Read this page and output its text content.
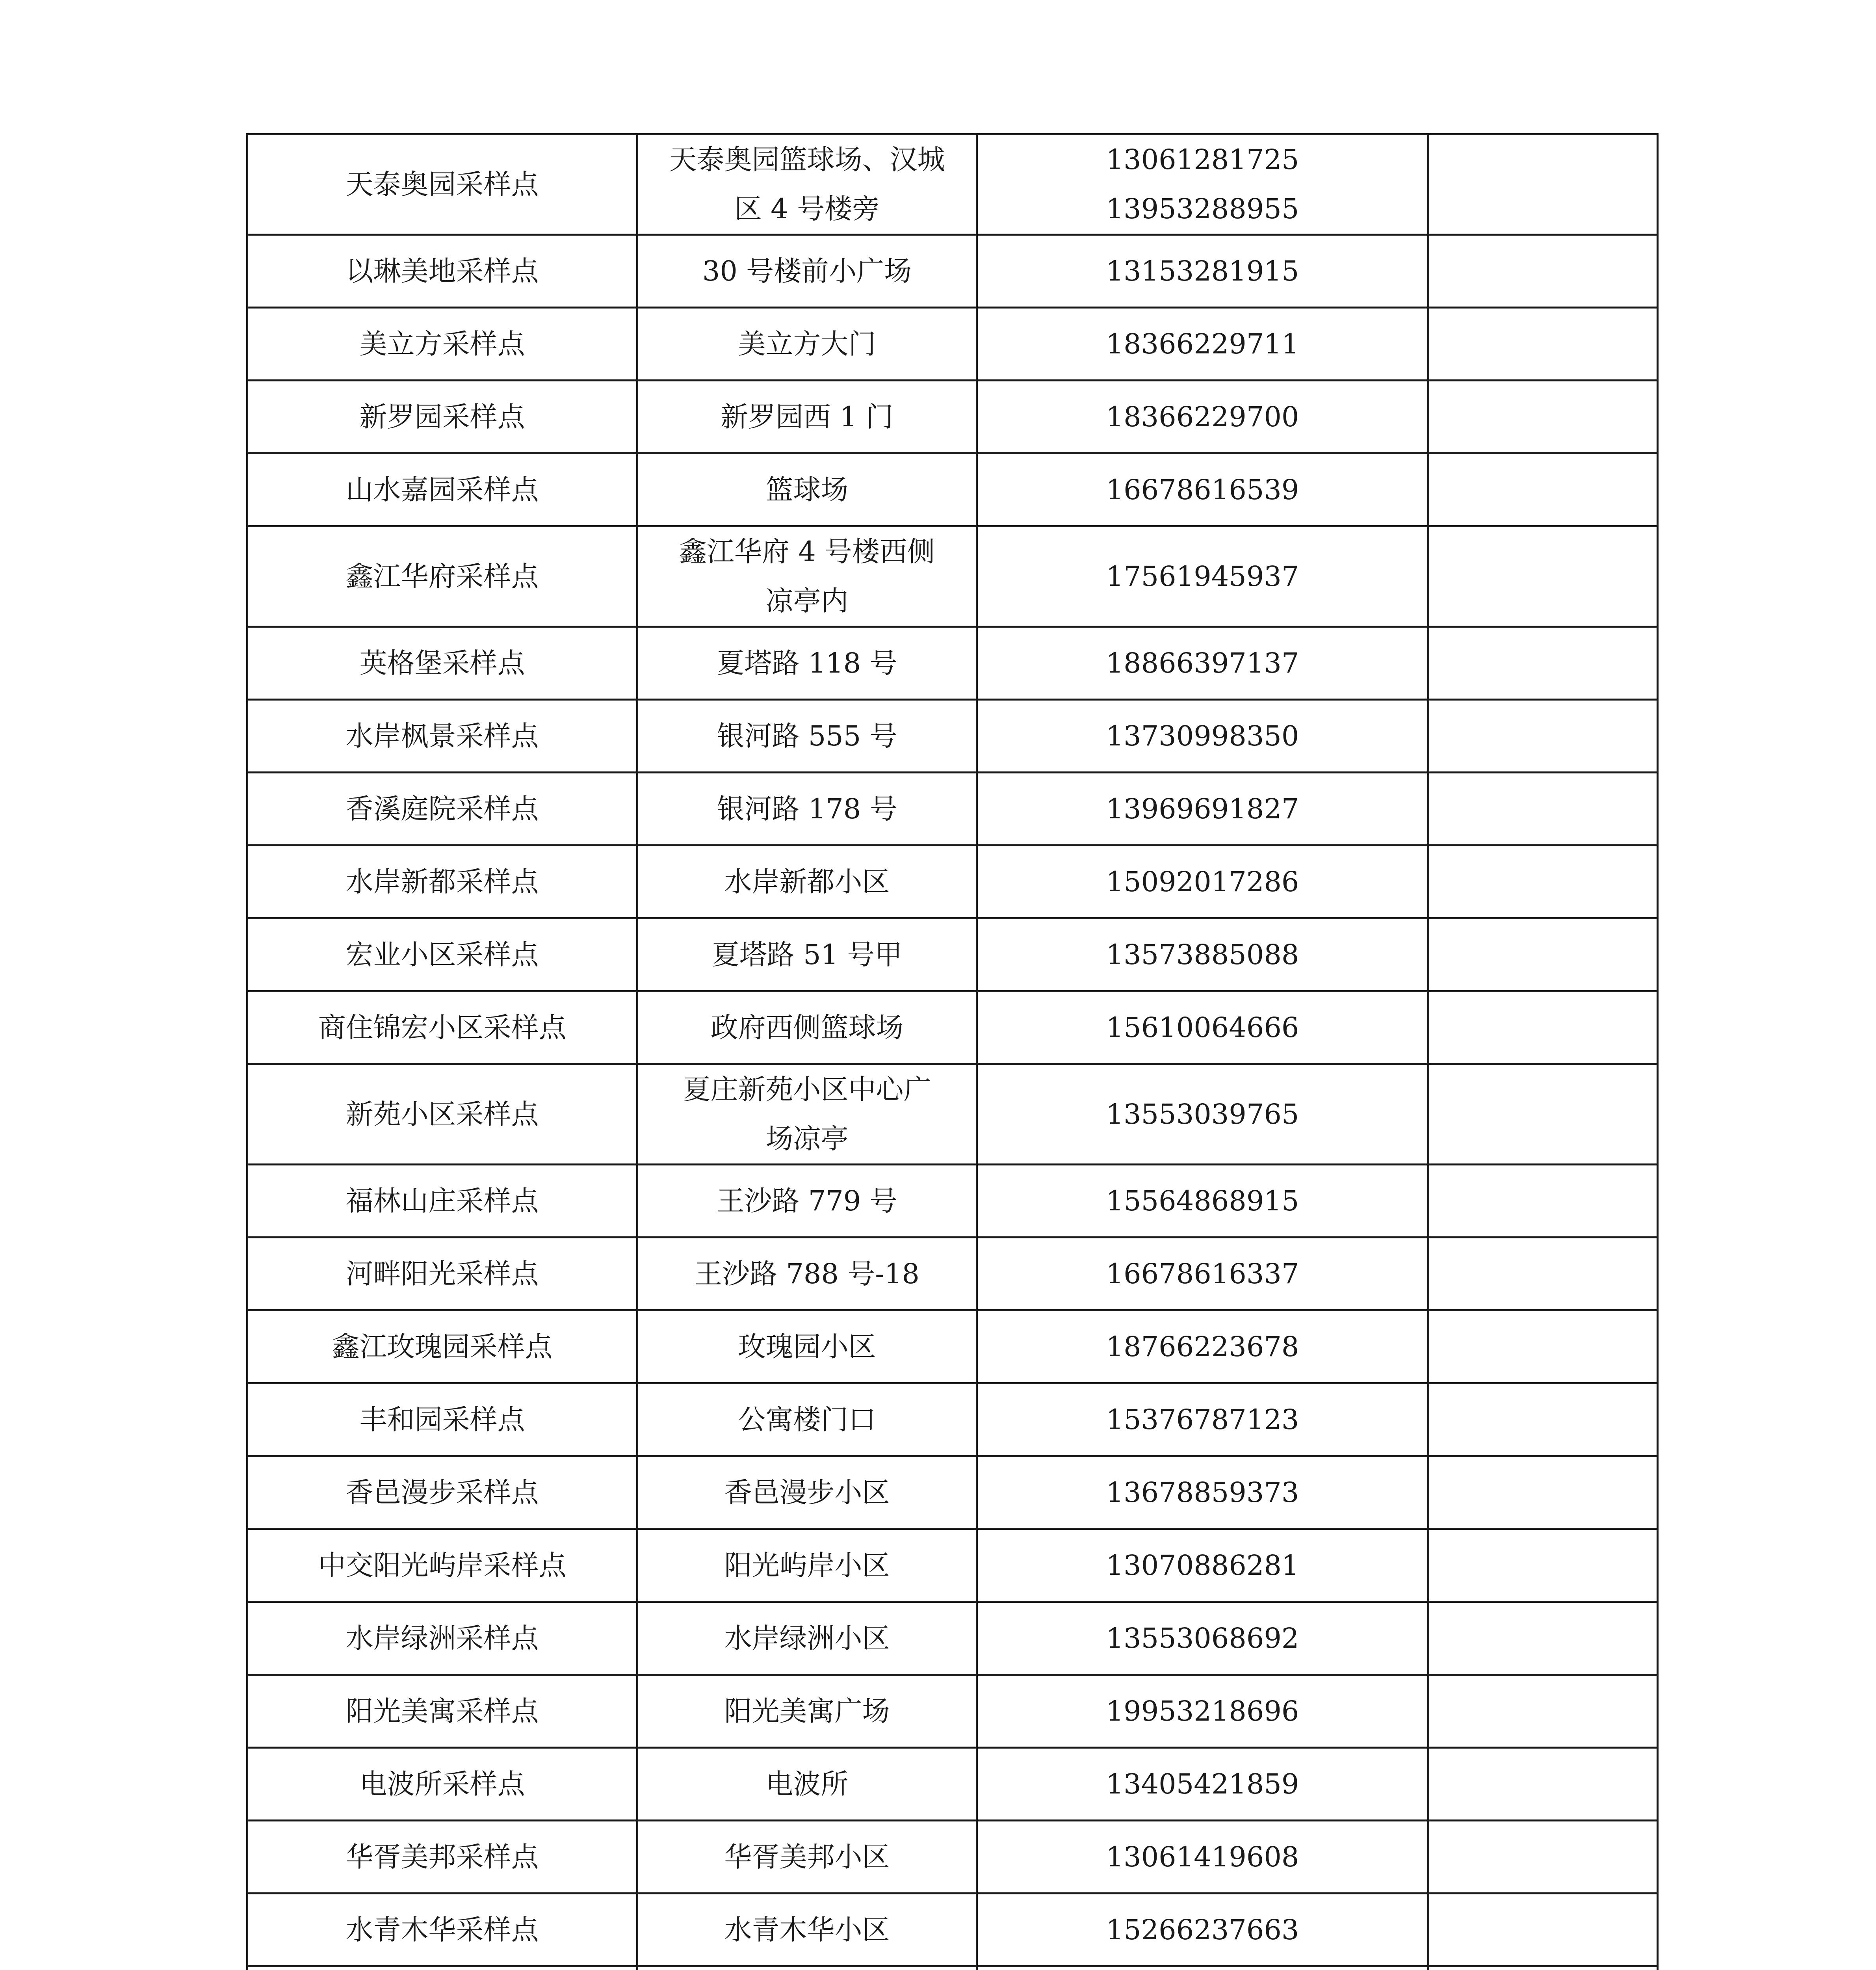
天泰奥园采样点	天泰奥园篮球场、汉城
区 4 号楼旁	13061281725
13953288955	

以琳美地采样点	30 号楼前小广场	13153281915	

美立方采样点	美立方大门	18366229711	

新罗园采样点	新罗园西 1 门	18366229700	

山水嘉园采样点	篮球场	16678616539	

鑫江华府采样点	鑫江华府 4 号楼西侧
凉亭内	17561945937	

英格堡采样点	夏塔路 118 号	18866397137	

水岸枫景采样点	银河路 555 号	13730998350	

香溪庭院采样点	银河路 178 号	13969691827	

水岸新都采样点	水岸新都小区	15092017286	

宏业小区采样点	夏塔路 51 号甲	13573885088	

商住锦宏小区采样点	政府西侧篮球场	15610064666	

新苑小区采样点	夏庄新苑小区中心广
场凉亭	13553039765	

福林山庄采样点	王沙路 779 号	15564868915	

河畔阳光采样点	王沙路 788 号-18	16678616337	

鑫江玫瑰园采样点	玫瑰园小区	18766223678	

丰和园采样点	公寓楼门口	15376787123	

香邑漫步采样点	香邑漫步小区	13678859373	

中交阳光屿岸采样点	阳光屿岸小区	13070886281	

水岸绿洲采样点	水岸绿洲小区	13553068692	

阳光美寓采样点	阳光美寓广场	19953218696	

电波所采样点	电波所	13405421859	

华胥美邦采样点	华胥美邦小区	13061419608	

水青木华采样点	水青木华小区	15266237663	
